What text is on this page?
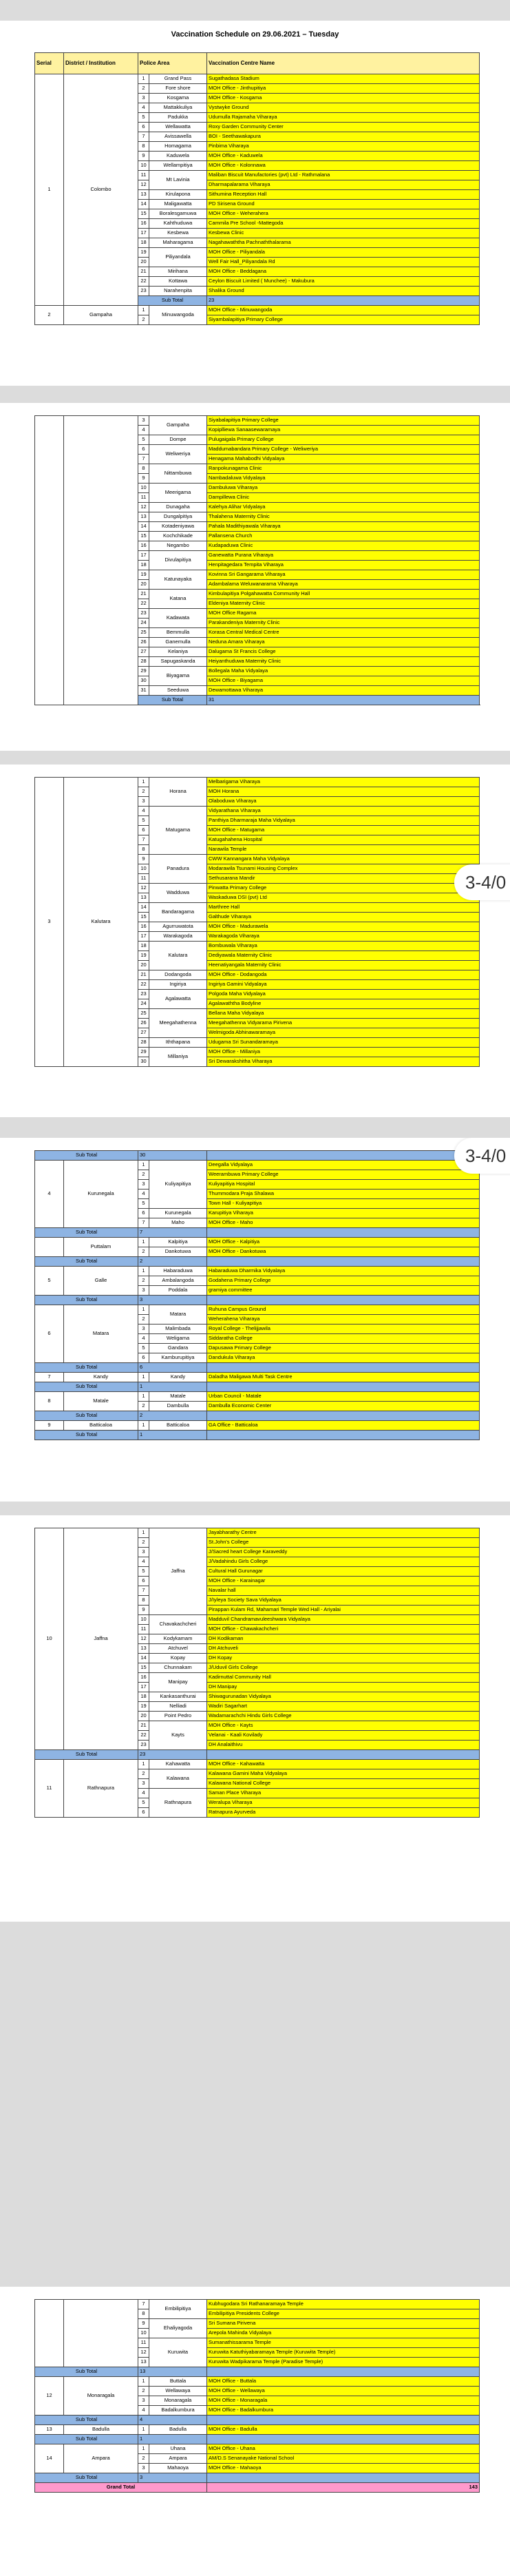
Vaccination Schedule on 29.06.2021 – Tuesday
Serial	District / Institution	Police Area		Vaccination Centre Name	
1	Colombo	1	Grand Pass	Sugathadasa Stadium	
		2	Fore shore	MOH Office - Jinthupitiya	
		3	Kosgama	MOH Office - Kosgama	
		4	Mattakkuliya	Vystwyke Ground	
		5	Padukka	Udumulla Rajamaha Viharaya	
		6	Wellawatta	Roxy Garden Community Center	
		7	Avissawella	BOI - Seethawakapura	
		8	Homagama	Pinbima Viharaya	
		9	Kaduwela	MOH Office - Kaduwela	
		10	Wellampitiya	MOH Office - Kolonnawa	
		11	Mt Lavinia	Maliban Biscuit Manufactories (pvt) Ltd - Rathmalana	
		12		Dharmapalarama Viharaya	
		13	Kirulapona	Sithumina Reception Hall	
		14	Maligawatta	PD Sirisena Ground	
		15	Boralesgamuwa	MOH Office - Weherahera	
		16	Kahthuduwa	Cammila Pre School -Mattegoda	
		17	Kesbewa	Kesbewa Clinic	
		18	Maharagama	Nagahawaththa Pachnaththalarama	
		19	Piliyandala	MOH Office - Piliyandala	
		20		Well Fair Hall_Piliyandala Rd	
		21	Mirihana	MOH Office - Beddagana	
		22	Kottawa	Ceylon Biscuit Limited ( Munchee) - Makubura	
		23	Narahenpita	Shalika Ground	
		Sub Total		23	
2	Gampaha	1	Minuwangoda	MOH Office - Minuwangoda	
		2		Siyambalapitiya Primary College	
		3	Gampaha	Siyabalapitiya Primary College	
		4		Kopiplliewa Sanaasewaramaya	
		5	Dompe	Pulugaigala Primary College	
		6	Weliweriya	Maddumabandara Primary College - Weliweriya	
		7		Henagama Mahabodhi Vidyalaya	
		8	Nittambuwa	Ranpokunagama Clinic	
		9		Nambadaluwa Vidyalaya	
		10	Meerigama	Dambuluwa Viharaya	
		11		Dampillewa Clinic	
		12	Dunagaha	Kalehya Alihar Vidyalaya	
		13	Dungalpitiya	Thalahena Maternity Clinic	
		14	Kotadeniyawa	Pahala Madithiyawala Viharaya	
		15	Kochchikade	Pallansena Church	
		16	Negambo	Kudapaduwa Clinic	
		17	Divulapitiya	Ganewatta Purana Viharaya	
		18		Henpitagedara Tempita Viharaya	
		19	Katunayaka	Kovinna Sri Gangarama Viharaya	
		20		Adambalama Weluwanarama Viharaya	
		21	Katana	Kimbulapitiya Polgahawatta Community Hall	
		22		Eldeniya Maternity Clinic	
		23	Kadawata	MOH Office Ragama	
		24		Parakandeniya Maternity Clinic	
		25	Bemmulla	Korasa Central Medical Centre	
		26	Ganemulla	Neduna Amara Viharaya	
		27	Kelaniya	Dalugama St Francis College	
		28	Sapugaskanda	Heiyanthuduwa Maternity Clinic	
		29	Biyagama	Bollegala Maha Vidyalaya	
		30		MOH Office - Biyagama	
		31	Seeduwa	Dewamottawa Viharaya	
		Sub Total		31	
3	Kalutara	1	Horana	Melbarigama Viharaya
		2		MOH Horana
		3		Olaboduwa Viharaya
		4	Matugama	Vidyarathana Viharaya
		5		Panthiya Dharmaraja Maha Vidyalaya
		6		MOH Office - Matugama
		7		Katugahahena Hospital
		8		Narawila Temple
		9	Panadura	CWW Kannangara Maha Vidyalaya
		10		Modarawila Tsunami Housing Complex
		11		Sethusarana Mandir
		12	Wadduwa	Pinwatta Primary College
		13		Waskaduwa DSI (pvt) Ltd
		14	Bandaragama	Marthree Hall
		15		Galthude Viharaya
		16	Agurruwatota	MOH Office - Madurawela
		17	Warakagoda	Warakagoda Viharaya
		18	Kalutara	Bombuwala Viharaya
		19		Dediyawala Maternity Clinic
		20		Heenatiyangala Maternity Clinic
		21	Dodangoda	MOH Office - Dodangoda
		22	Ingiriya	Ingiriya Gamini Vidyalaya
		23	Agalawatta	Polgoda Maha Vidyalaya
		24		Agalawaththa Bodyline
		25	Meegahathenna	Bellana Maha Vidyalaya
		26		Meegahathenna Vidyarama Pirivena
		27		Welmigoda Abhinawaramaya
		28	Iththapana	Udugama Sri Sunandaramaya
		29	Millaniya	MOH Office - Millaniya
		30		Sri Dewarakshitha Viharaya
3-4/0
Sub Total		30		
4	Kurunegala	1	Kuliyapitiya	Deegalla Vidyalaya
		2		Weerambuwa Primary College
		3		Kuliyapitiya Hospital
		4		Thummodara Praja Shalawa
		5		Town Hall - Kuliyapitiya
		6	Kurunegala	Karupitiya Viharaya
		7	Maho	MOH Office - Maho
Sub Total		7		
	Puttalam	1	Kalpitiya	MOH Office - Kalpitiya
		2	Dankotuwa	MOH Office - Dankotuwa
Sub Total		2		
5	Galle	1	Habaraduwa	Habaraduwa Dharmika Vidyalaya
		2	Ambalangoda	Godahena Primary College
		3	Poddala	gramiya committee
Sub Total		3		
6	Matara	1	Matara	Ruhuna Campus Ground
		2		Weherahena Viharaya
		3	Malimbada	Royal College - Thelijjawila
		4	Weligama	Siddaratha College
		5	Gandara	Dapusawa Primary College
		6	Kamburupitiya	Dandukula Viharaya
Sub Total		6		
7	Kandy	1	Kandy	Daladha Maligawa Multi Task Centre
Sub Total		1		
8	Matale	1	Matale	Urban Council - Matale
		2	Dambulla	Dambulla Economic Center
Sub Total		2		
9	Batticaloa	1	Batticaloa	GA Office - Batticaloa
Sub Total		1		
3-4/0
10	Jaffna	1	Jaffna	Jayabharathy Centre
		2		St.John's College
		3		J/Sacred heart College Karaveddy
		4		J/Vadahindu Girls College
		5		Cultural Hall Gurunagar
		6		MOH Office - Karainagar
		7		Navalar hall
		8		J/Iyleya Society Sava Vidyalaya
		9		Pirappan Kulam Rd, Mahamari Temple Wed Hall - Ariyalai
		10	Chavakachcheri	Madduvil Chandramavuleeshwara Vidyalaya
		11		MOH Office - Chawakachcheri
		12	Kodykamam	DH Kodikaman
		13	Atchuvel	DH Atchuveli
		14	Kopay	DH Kopay
		15	Chunnakam	J/Uduvil Girls College
		16	Manipay	Kadirnuttal Community Hall
		17		DH Manipay
		18	Kankasanthurai	Shiwagurunadan Vidyalaya
		19	Nelliadi	Wadiri Sagarhart
		20	Point Pedro	Wadamarachchi Hindu Girls College
		21	Kayts	MOH Office - Kayts
		22		Velanai - Kaali Kovilady
		23		DH Analaithivu
Sub Total		23		
11	Rathnapura	1	Kahawatta	MOH Office - Kahawatta
		2	Kalawana	Kalawana Gamini Maha Vidyalaya
		3		Kalawana National College
		4	Rathnapura	Saman Place Viharaya
		5		Weralupa Viharaya
		6		Ratnapura Ayurveda
		7	Embilipitiya	Kubhugodara Sri Rathanaramaya Temple
		8		Embilipitiya Presidents College
		9	Ehaliyagoda	Sri Sumana Pirivena
		10		Arepola Mahinda Vidyalaya
		11	Kuruwita	Sumanathissarama Temple
		12		Kuruwita Katuthiyabaramaya Temple (Kuruwita Temple)
		13		Kuruwita Wadpikarama Temple (Paradise Temple)
Sub Total		13		
12	Monaragala	1	Buttala	MOH Office - Buttala
		2	Wellawaya	MOH Office - Wellawaya
		3	Monaragala	MOH Office - Monaragala
		4	Badalkumbura	MOH Office - Badalkumbura
Sub Total		4		
13	Badulla	1	Badulla	MOH Office - Badulla
Sub Total		1		
14	Ampara	1	Uhana	MOH Office - Uhana
		2	Ampara	AM/D.S Senanayake National School
		3	Mahaoya	MOH Office - Mahaoya
Sub Total		3		
Grand Total				143
